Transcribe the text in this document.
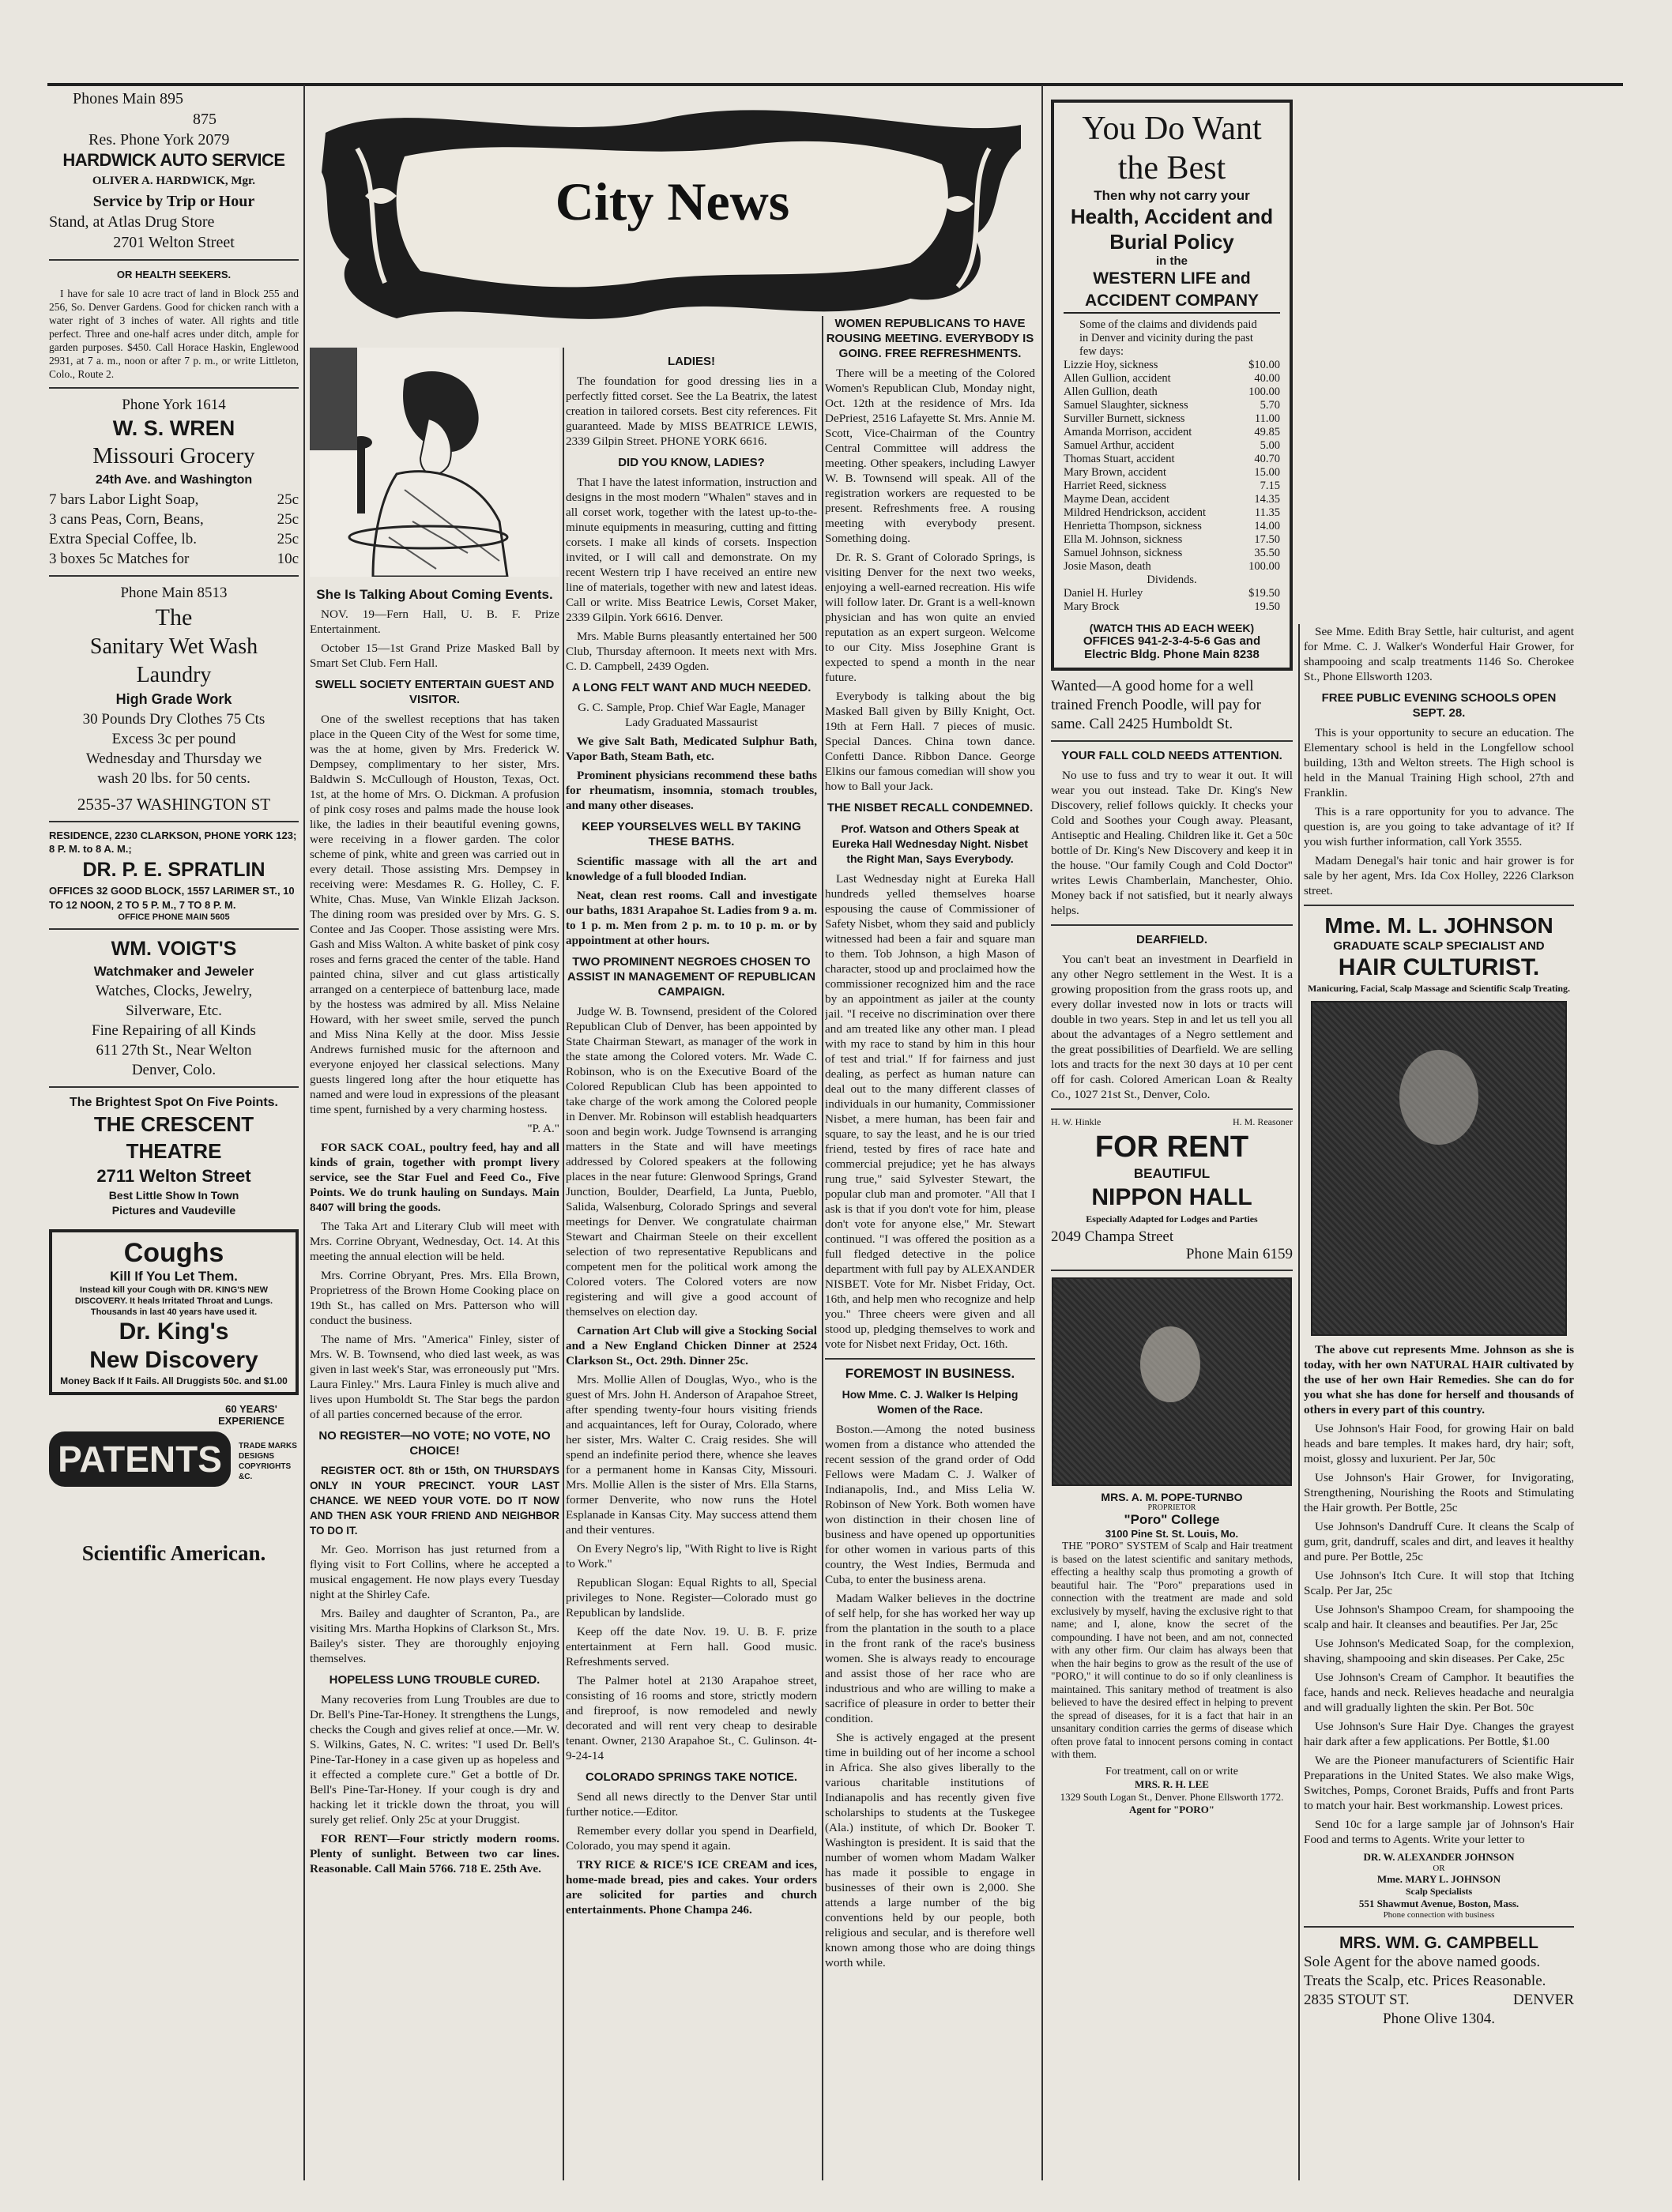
City News
Phones Main 895
875
Res. Phone York 2079
HARDWICK AUTO SERVICE
OLIVER A. HARDWICK, Mgr.
Service by Trip or Hour
Stand, at Atlas Drug Store
2701 Welton Street
OR HEALTH SEEKERS.

I have for sale 10 acre tract of land in Block 255 and 256, So. Denver Gardens. Good for chicken ranch with a water right of 3 inches of water. All rights and title perfect. Three and one-half acres under ditch, ample for garden purposes. $450. Call Horace Haskin, Englewood 2931, at 7 a. m., noon or after 7 p. m., or write Littleton, Colo., Route 2.

Phone York 1614
W. S. WREN
Missouri Grocery
24th Ave. and Washington
7 bars Labor Light Soap,	25c
3 cans Peas, Corn, Beans,	25c
Extra Special Coffee, lb.	25c
3 boxes 5c Matches for	10c
Phone Main 8513
The
Sanitary Wet Wash
Laundry
High Grade Work
30 Pounds Dry Clothes 75 Cts
Excess 3c per pound
Wednesday and Thursday we
wash 20 lbs. for 50 cents.
2535-37 WASHINGTON ST
RESIDENCE, 2230 CLARKSON, PHONE YORK 123; 8 P. M. to 8 A. M.;
DR. P. E. SPRATLIN
OFFICES 32 GOOD BLOCK, 1557 LARIMER ST., 10 TO 12 NOON, 2 TO 5 P. M., 7 TO 8 P. M.
OFFICE PHONE MAIN 5605
WM. VOIGT'S
Watchmaker and Jeweler
Watches, Clocks, Jewelry,
Silverware, Etc.
Fine Repairing of all Kinds
611 27th St., Near Welton
Denver, Colo.
The Brightest Spot On Five Points.
THE CRESCENT THEATRE
2711 Welton Street
Best Little Show In Town
Pictures and Vaudeville
Coughs
Kill If You Let Them.
Instead kill your Cough with DR. KING'S NEW DISCOVERY. It heals Irritated Throat and Lungs. Thousands in last 40 years have used it.
Dr. King's
New Discovery
Money Back If It Fails. All Druggists 50c. and $1.00
60 YEARS' EXPERIENCE
PATENTS	TRADE MARKS DESIGNS COPYRIGHTS &C.
Scientific American.
She Is Talking About Coming Events.

NOV. 19—Fern Hall, U. B. F. Prize Entertainment.

October 15—1st Grand Prize Masked Ball by Smart Set Club. Fern Hall.

SWELL SOCIETY ENTERTAIN GUEST AND VISITOR.

One of the swellest receptions that has taken place in the Queen City of the West for some time, was the at home, given by Mrs. Frederick W. Dempsey, complimentary to her sister, Mrs. Baldwin S. McCullough of Houston, Texas, Oct. 1st, at the home of Mrs. O. Dickman. A profusion of pink cosy roses and palms made the house look like, the ladies in their beautiful evening gowns, were receiving in a flower garden. The color scheme of pink, white and green was carried out in every detail. Those assisting Mrs. Dempsey in receiving were: Mesdames R. G. Holley, C. F. White, Chas. Muse, Van Winkle Elizah Jackson. The dining room was presided over by Mrs. G. S. Contee and Jas Cooper. Those assisting were Mrs. Gash and Miss Walton. A white basket of pink cosy roses and ferns graced the center of the table. Hand painted china, silver and cut glass artistically arranged on a centerpiece of battenburg lace, made by the hostess was admired by all. Miss Nelaine Howard, with her sweet smile, served the punch and Miss Nina Kelly at the door. Miss Jessie Andrews furnished music for the afternoon and everyone enjoyed her classical selections. Many guests lingered long after the hour etiquette has named and were loud in expressions of the pleasant time spent, furnished by a very charming hostess.

"P. A."

FOR SACK COAL, poultry feed, hay and all kinds of grain, together with prompt livery service, see the Star Fuel and Feed Co., Five Points. We do trunk hauling on Sundays. Main 8407 will bring the goods.

The Taka Art and Literary Club will meet with Mrs. Corrine Obryant, Wednesday, Oct. 14. At this meeting the annual election will be held.

Mrs. Corrine Obryant, Pres. Mrs. Ella Brown, Proprietress of the Brown Home Cooking place on 19th St., has called on Mrs. Patterson who will conduct the business.

The name of Mrs. "America" Finley, sister of Mrs. W. B. Townsend, who died last week, as was given in last week's Star, was erroneously put "Mrs. Laura Finley." Mrs. Laura Finley is much alive and lives upon Humboldt St. The Star begs the pardon of all parties concerned because of the error.

NO REGISTER—NO VOTE; NO VOTE, NO CHOICE!

REGISTER OCT. 8th or 15th, ON THURSDAYS ONLY IN YOUR PRECINCT. YOUR LAST CHANCE. WE NEED YOUR VOTE. DO IT NOW AND THEN ASK YOUR FRIEND AND NEIGHBOR TO DO IT.

Mr. Geo. Morrison has just returned from a flying visit to Fort Collins, where he accepted a musical engagement. He now plays every Tuesday night at the Shirley Cafe.

Mrs. Bailey and daughter of Scranton, Pa., are visiting Mrs. Martha Hopkins of Clarkson St., Mrs. Bailey's sister. They are thoroughly enjoying themselves.

HOPELESS LUNG TROUBLE CURED.

Many recoveries from Lung Troubles are due to Dr. Bell's Pine-Tar-Honey. It strengthens the Lungs, checks the Cough and gives relief at once.—Mr. W. S. Wilkins, Gates, N. C. writes: "I used Dr. Bell's Pine-Tar-Honey in a case given up as hopeless and it effected a complete cure." Get a bottle of Dr. Bell's Pine-Tar-Honey. If your cough is dry and hacking let it trickle down the throat, you will surely get relief. Only 25c at your Druggist.

FOR RENT—Four strictly modern rooms. Plenty of sunlight. Between two car lines. Reasonable. Call Main 5766. 718 E. 25th Ave.

LADIES!

The foundation for good dressing lies in a perfectly fitted corset. See the La Beatrix, the latest creation in tailored corsets. Best city references. Fit guaranteed. Made by MISS BEATRICE LEWIS, 2339 Gilpin Street. PHONE YORK 6616.

DID YOU KNOW, LADIES?

That I have the latest information, instruction and designs in the most modern "Whalen" staves and in all corset work, together with the latest up-to-the-minute equipments in measuring, cutting and fitting corsets. I make all kinds of corsets. Inspection invited, or I will call and demonstrate. On my recent Western trip I have received an entire new line of materials, together with new and latest ideas. Call or write. Miss Beatrice Lewis, Corset Maker, 2339 Gilpin. York 6616. Denver.

Mrs. Mable Burns pleasantly entertained her 500 Club, Thursday afternoon. It meets next with Mrs. C. D. Campbell, 2439 Ogden.

A LONG FELT WANT AND MUCH NEEDED.

G. C. Sample, Prop. Chief War Eagle, Manager Lady Graduated Massaurist

We give Salt Bath, Medicated Sulphur Bath, Vapor Bath, Steam Bath, etc.

Prominent physicians recommend these baths for rheumatism, insomnia, stomach troubles, and many other diseases.

KEEP YOURSELVES WELL BY TAKING THESE BATHS.

Scientific massage with all the art and knowledge of a full blooded Indian.

Neat, clean rest rooms. Call and investigate our baths, 1831 Arapahoe St. Ladies from 9 a. m. to 1 p. m. Men from 2 p. m. to 10 p. m. or by appointment at other hours.

TWO PROMINENT NEGROES CHOSEN TO ASSIST IN MANAGEMENT OF REPUBLICAN CAMPAIGN.

Judge W. B. Townsend, president of the Colored Republican Club of Denver, has been appointed by State Chairman Stewart, as manager of the work in the state among the Colored voters. Mr. Wade C. Robinson, who is on the Executive Board of the Colored Republican Club has been appointed to take charge of the work among the Colored people in Denver. Mr. Robinson will establish headquarters soon and begin work. Judge Townsend is arranging matters in the State and will have meetings addressed by Colored speakers at the following places in the near future: Glenwood Springs, Grand Junction, Boulder, Dearfield, La Junta, Pueblo, Salida, Walsenburg, Colorado Springs and several meetings for Denver. We congratulate chairman Stewart and Chairman Steele on their excellent selection of two representative Republicans and competent men for the political work among the Colored voters. The Colored voters are now registering and will give a good account of themselves on election day.

Carnation Art Club will give a Stocking Social and a New England Chicken Dinner at 2524 Clarkson St., Oct. 29th. Dinner 25c.

Mrs. Mollie Allen of Douglas, Wyo., who is the guest of Mrs. John H. Anderson of Arapahoe Street, after spending twenty-four hours visiting friends and acquaintances, left for Ouray, Colorado, where her sister, Mrs. Walter C. Craig resides. She will spend an indefinite period there, whence she leaves for a permanent home in Kansas City, Missouri. Mrs. Mollie Allen is the sister of Mrs. Ella Starns, former Denverite, who now runs the Hotel Esplanade in Kansas City. May success attend them and their ventures.

On Every Negro's lip, "With Right to live is Right to Work."

Republican Slogan: Equal Rights to all, Special privileges to None. Register—Colorado must go Republican by landslide.

Keep off the date Nov. 19. U. B. F. prize entertainment at Fern hall. Good music. Refreshments served.

The Palmer hotel at 2130 Arapahoe street, consisting of 16 rooms and store, strictly modern and fireproof, is now remodeled and newly decorated and will rent very cheap to desirable tenant. Owner, 2130 Arapahoe St., C. Gulinson. 4t-9-24-14

COLORADO SPRINGS TAKE NOTICE.

Send all news directly to the Denver Star until further notice.—Editor.

Remember every dollar you spend in Dearfield, Colorado, you may spend it again.

TRY RICE & RICE'S ICE CREAM and ices, home-made bread, pies and cakes. Your orders are solicited for parties and church entertainments. Phone Champa 246.

WOMEN REPUBLICANS TO HAVE ROUSING MEETING. EVERYBODY IS GOING. FREE REFRESHMENTS.

There will be a meeting of the Colored Women's Republican Club, Monday night, Oct. 12th at the residence of Mrs. Ida DePriest, 2516 Lafayette St. Mrs. Annie M. Scott, Vice-Chairman of the Country Central Committee will address the meeting. Other speakers, including Lawyer W. B. Townsend will speak. All of the registration workers are requested to be present. Refreshments free. A rousing meeting with everybody present. Something doing.

Dr. R. S. Grant of Colorado Springs, is visiting Denver for the next two weeks, enjoying a well-earned recreation. His wife will follow later. Dr. Grant is a well-known physician and has won quite an envied reputation as an expert surgeon. Welcome to our City. Miss Josephine Grant is expected to spend a month in the near future.

Everybody is talking about the big Masked Ball given by Billy Knight, Oct. 19th at Fern Hall. 7 pieces of music. Special Dances. China town dance. Confetti Dance. Ribbon Dance. George Elkins our famous comedian will show you how to Ball your Jack.

THE NISBET RECALL CONDEMNED.
Prof. Watson and Others Speak at Eureka Hall Wednesday Night. Nisbet the Right Man, Says Everybody.

Last Wednesday night at Eureka Hall hundreds yelled themselves hoarse espousing the cause of Commissioner of Safety Nisbet, whom they said and publicly witnessed had been a fair and square man to them. Tob Johnson, a high Mason of character, stood up and proclaimed how the commissioner recognized him and the race by an appointment as jailer at the county jail. "I receive no discrimination over there and am treated like any other man. I plead with my race to stand by him in this hour of test and trial." If for fairness and just dealing, as perfect as human nature can deal out to the many different classes of individuals in our humanity, Commissioner Nisbet, a mere human, has been fair and square, to say the least, and he is our tried friend, tested by fires of race hate and commercial prejudice; yet he has always rung true," said Sylvester Stewart, the popular club man and promoter. "All that I ask is that if you don't vote for him, please don't vote for anyone else," Mr. Stewart continued. "I was offered the position as a full fledged detective in the police department with full pay by ALEXANDER NISBET. Vote for Mr. Nisbet Friday, Oct. 16th, and help men who recognize and help you." Three cheers were given and all stood up, pledging themselves to work and vote for Nisbet next Friday, Oct. 16th.

FOREMOST IN BUSINESS.
How Mme. C. J. Walker Is Helping Women of the Race.

Boston.—Among the noted business women from a distance who attended the recent session of the grand order of Odd Fellows were Madam C. J. Walker of Indianapolis, Ind., and Miss Lelia W. Robinson of New York. Both women have won distinction in their chosen line of business and have opened up opportunities for other women in various parts of this country, the West Indies, Bermuda and Cuba, to enter the business arena.

Madam Walker believes in the doctrine of self help, for she has worked her way up from the plantation in the south to a place in the front rank of the race's business women. She is always ready to encourage and assist those of her race who are industrious and who are willing to make a sacrifice of pleasure in order to better their condition.

She is actively engaged at the present time in building out of her income a school in Africa. She also gives liberally to the various charitable institutions of Indianapolis and has recently given five scholarships to students at the Tuskegee (Ala.) institute, of which Dr. Booker T. Washington is president. It is said that the number of women whom Madam Walker has made it possible to engage in businesses of their own is 2,000. She attends a large number of the big conventions held by our people, both religious and secular, and is therefore well known among those who are doing things worth while.

You Do Want the Best
Then why not carry your
Health, Accident and
Burial Policy
in the
WESTERN LIFE and ACCIDENT COMPANY
Some of the claims and dividends paid in Denver and vicinity during the past few days:
Lizzie Hoy, sickness	$10.00
Allen Gullion, accident	40.00
Allen Gullion, death	100.00
Samuel Slaughter, sickness	5.70
Surviller Burnett, sickness	11.00
Amanda Morrison, accident	49.85
Samuel Arthur, accident	5.00
Thomas Stuart, accident	40.70
Mary Brown, accident	15.00
Harriet Reed, sickness	7.15
Mayme Dean, accident	14.35
Mildred Hendrickson, accident	11.35
Henrietta Thompson, sickness	14.00
Ella M. Johnson, sickness	17.50
Samuel Johnson, sickness	35.50
Josie Mason, death	100.00
Dividends.
Daniel H. Hurley	$19.50
Mary Brock	19.50
(WATCH THIS AD EACH WEEK)
OFFICES 941-2-3-4-5-6 Gas and Electric Bldg. Phone Main 8238
Wanted—A good home for a well trained French Poodle, will pay for same. Call 2425 Humboldt St.
YOUR FALL COLD NEEDS ATTENTION.

No use to fuss and try to wear it out. It will wear you out instead. Take Dr. King's New Discovery, relief follows quickly. It checks your Cold and Soothes your Cough away. Pleasant, Antiseptic and Healing. Children like it. Get a 50c bottle of Dr. King's New Discovery and keep it in the house. "Our family Cough and Cold Doctor" writes Lewis Chamberlain, Manchester, Ohio. Money back if not satisfied, but it nearly always helps.

DEARFIELD.

You can't beat an investment in Dearfield in any other Negro settlement in the West. It is a growing proposition from the grass roots up, and every dollar invested now in lots or tracts will double in two years. Step in and let us tell you all about the advantages of a Negro settlement and the great possibilities of Dearfield. We are selling lots and tracts for the next 30 days at 10 per cent off for cash. Colored American Loan & Realty Co., 1027 21st St., Denver, Colo.

H. W. Hinkle	H. M. Reasoner
FOR RENT
BEAUTIFUL
NIPPON HALL
Especially Adapted for Lodges and Parties
2049 Champa Street
Phone Main 6159
MRS. A. M. POPE-TURNBO
PROPRIETOR
"Poro" College
3100 Pine St. St. Louis, Mo.

THE "PORO" SYSTEM of Scalp and Hair treatment is based on the latest scientific and sanitary methods, effecting a healthy scalp thus promoting a growth of beautiful hair. The "Poro" preparations used in connection with the treatment are made and sold exclusively by myself, having the exclusive right to that name; and I, alone, know the secret of the compounding. I have not been, and am not, connected with any other firm. Our claim has always been that when the hair begins to grow as the result of the use of "PORO," it will continue to do so if only cleanliness is maintained. This sanitary method of treatment is also believed to have the desired effect in helping to prevent the spread of diseases, for it is a fact that hair in an unsanitary condition carries the germs of disease which often prove fatal to innocent persons coming in contact with them.

For treatment, call on or write
MRS. R. H. LEE
1329 South Logan St., Denver. Phone Ellsworth 1772.
Agent for "PORO"

See Mme. Edith Bray Settle, hair culturist, and agent for Mme. C. J. Walker's Wonderful Hair Grower, for shampooing and scalp treatments 1146 So. Cherokee St., Phone Ellsworth 1203.

FREE PUBLIC EVENING SCHOOLS OPEN SEPT. 28.

This is your opportunity to secure an education. The Elementary school is held in the Longfellow school building, 13th and Welton streets. The High school is held in the Manual Training High school, 27th and Franklin.

This is a rare opportunity for you to advance. The question is, are you going to take advantage of it? If you wish further information, call York 3555.

Madam Denegal's hair tonic and hair grower is for sale by her agent, Mrs. Ida Cox Holley, 2226 Clarkson street.

Mme. M. L. JOHNSON
GRADUATE SCALP SPECIALIST AND
HAIR CULTURIST.
Manicuring, Facial, Scalp Massage and Scientific Scalp Treating.

The above cut represents Mme. Johnson as she is today, with her own NATURAL HAIR cultivated by the use of her own Hair Remedies. She can do for you what she has done for herself and thousands of others in every part of this country.

Use Johnson's Hair Food, for growing Hair on bald heads and bare temples. It makes hard, dry hair; soft, moist, glossy and luxurient. Per Jar, 50c

Use Johnson's Hair Grower, for Invigorating, Strengthening, Nourishing the Roots and Stimulating the Hair growth. Per Bottle, 25c

Use Johnson's Dandruff Cure. It cleans the Scalp of gum, grit, dandruff, scales and dirt, and leaves it healthy and pure. Per Bottle, 25c

Use Johnson's Itch Cure. It will stop that Itching Scalp. Per Jar, 25c

Use Johnson's Shampoo Cream, for shampooing the scalp and hair. It cleanses and beautifies. Per Jar, 25c

Use Johnson's Medicated Soap, for the complexion, shaving, shampooing and skin diseases. Per Cake, 25c

Use Johnson's Cream of Camphor. It beautifies the face, hands and neck. Relieves headache and neuralgia and will gradually lighten the skin. Per Bot. 50c

Use Johnson's Sure Hair Dye. Changes the grayest hair dark after a few applications. Per Bottle, $1.00

We are the Pioneer manufacturers of Scientific Hair Preparations in the United States. We also make Wigs, Switches, Pomps, Coronet Braids, Puffs and front Parts to match your hair. Best workmanship. Lowest prices.

Send 10c for a large sample jar of Johnson's Hair Food and terms to Agents. Write your letter to

DR. W. ALEXANDER JOHNSON
OR
Mme. MARY L. JOHNSON
Scalp Specialists
551 Shawmut Avenue, Boston, Mass.
Phone connection with business
MRS. WM. G. CAMPBELL
Sole Agent for the above named goods. Treats the Scalp, etc. Prices Reasonable.
2835 STOUT ST.	DENVER
Phone Olive 1304.
